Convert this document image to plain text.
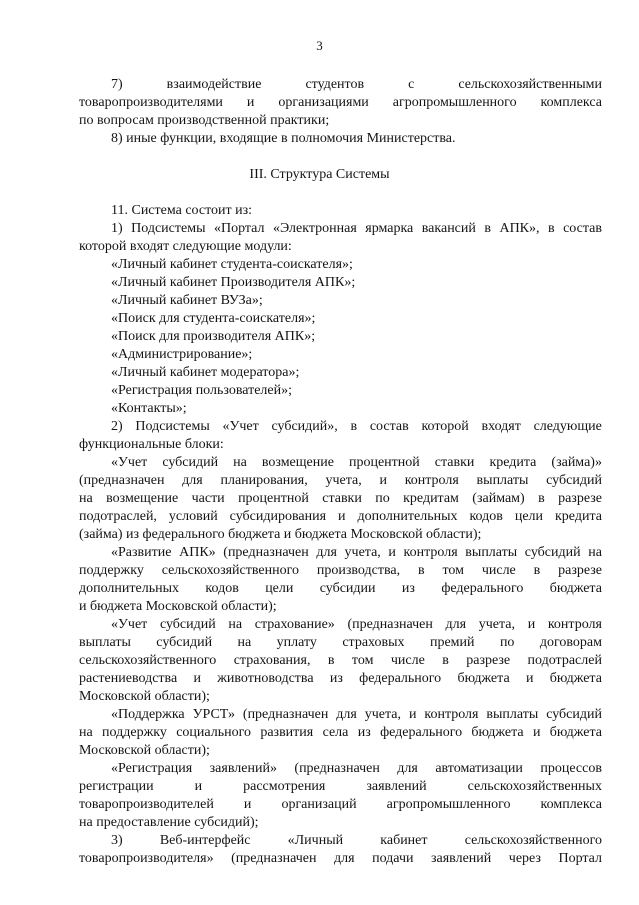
3
7)	взаимодействие	студентов	с	сельскохозяйственными
товаропроизводителями и организациями агропромышленного комплекса
по вопросам производственной практики;
8) иные функции, входящие в полномочия Министерства.
III. Структура Системы
11. Система состоит из:
1) Подсистемы «Портал «Электронная ярмарка вакансий в АПК», в состав
которой входят следующие модули:
«Личный кабинет студента-соискателя»;
«Личный кабинет Производителя АПК»;
«Личный кабинет ВУЗа»;
«Поиск для студента-соискателя»;
«Поиск для производителя АПК»;
«Администрирование»;
«Личный кабинет модератора»;
«Регистрация пользователей»;
«Контакты»;
2) Подсистемы «Учет субсидий», в состав которой входят следующие
функциональные блоки:
«Учет субсидий на возмещение процентной ставки кредита (займа)»
(предназначен для планирования, учета, и контроля выплаты субсидий
на возмещение части процентной ставки по кредитам (займам) в разрезе
подотраслей, условий субсидирования и дополнительных кодов цели кредита
(займа) из федерального бюджета и бюджета Московской области);
«Развитие АПК» (предназначен для учета, и контроля выплаты субсидий на
поддержку сельскохозяйственного производства, в том числе в разрезе
дополнительных кодов цели субсидии из федерального бюджета
и бюджета Московской области);
«Учет субсидий на страхование» (предназначен для учета, и контроля
выплаты субсидий на уплату страховых премий по договорам
сельскохозяйственного страхования, в том числе в разрезе подотраслей
растениеводства и животноводства из федерального бюджета и бюджета
Московской области);
«Поддержка УРСТ» (предназначен для учета, и контроля выплаты субсидий
на поддержку социального развития села из федерального бюджета и бюджета
Московской области);
«Регистрация заявлений» (предназначен для автоматизации процессов
регистрации	и	рассмотрения	заявлений	сельскохозяйственных
товаропроизводителей и организаций агропромышленного комплекса
на предоставление субсидий);
3)	Веб-интерфейс	«Личный	кабинет	сельскохозяйственного
товаропроизводителя» (предназначен для подачи заявлений через Портал
